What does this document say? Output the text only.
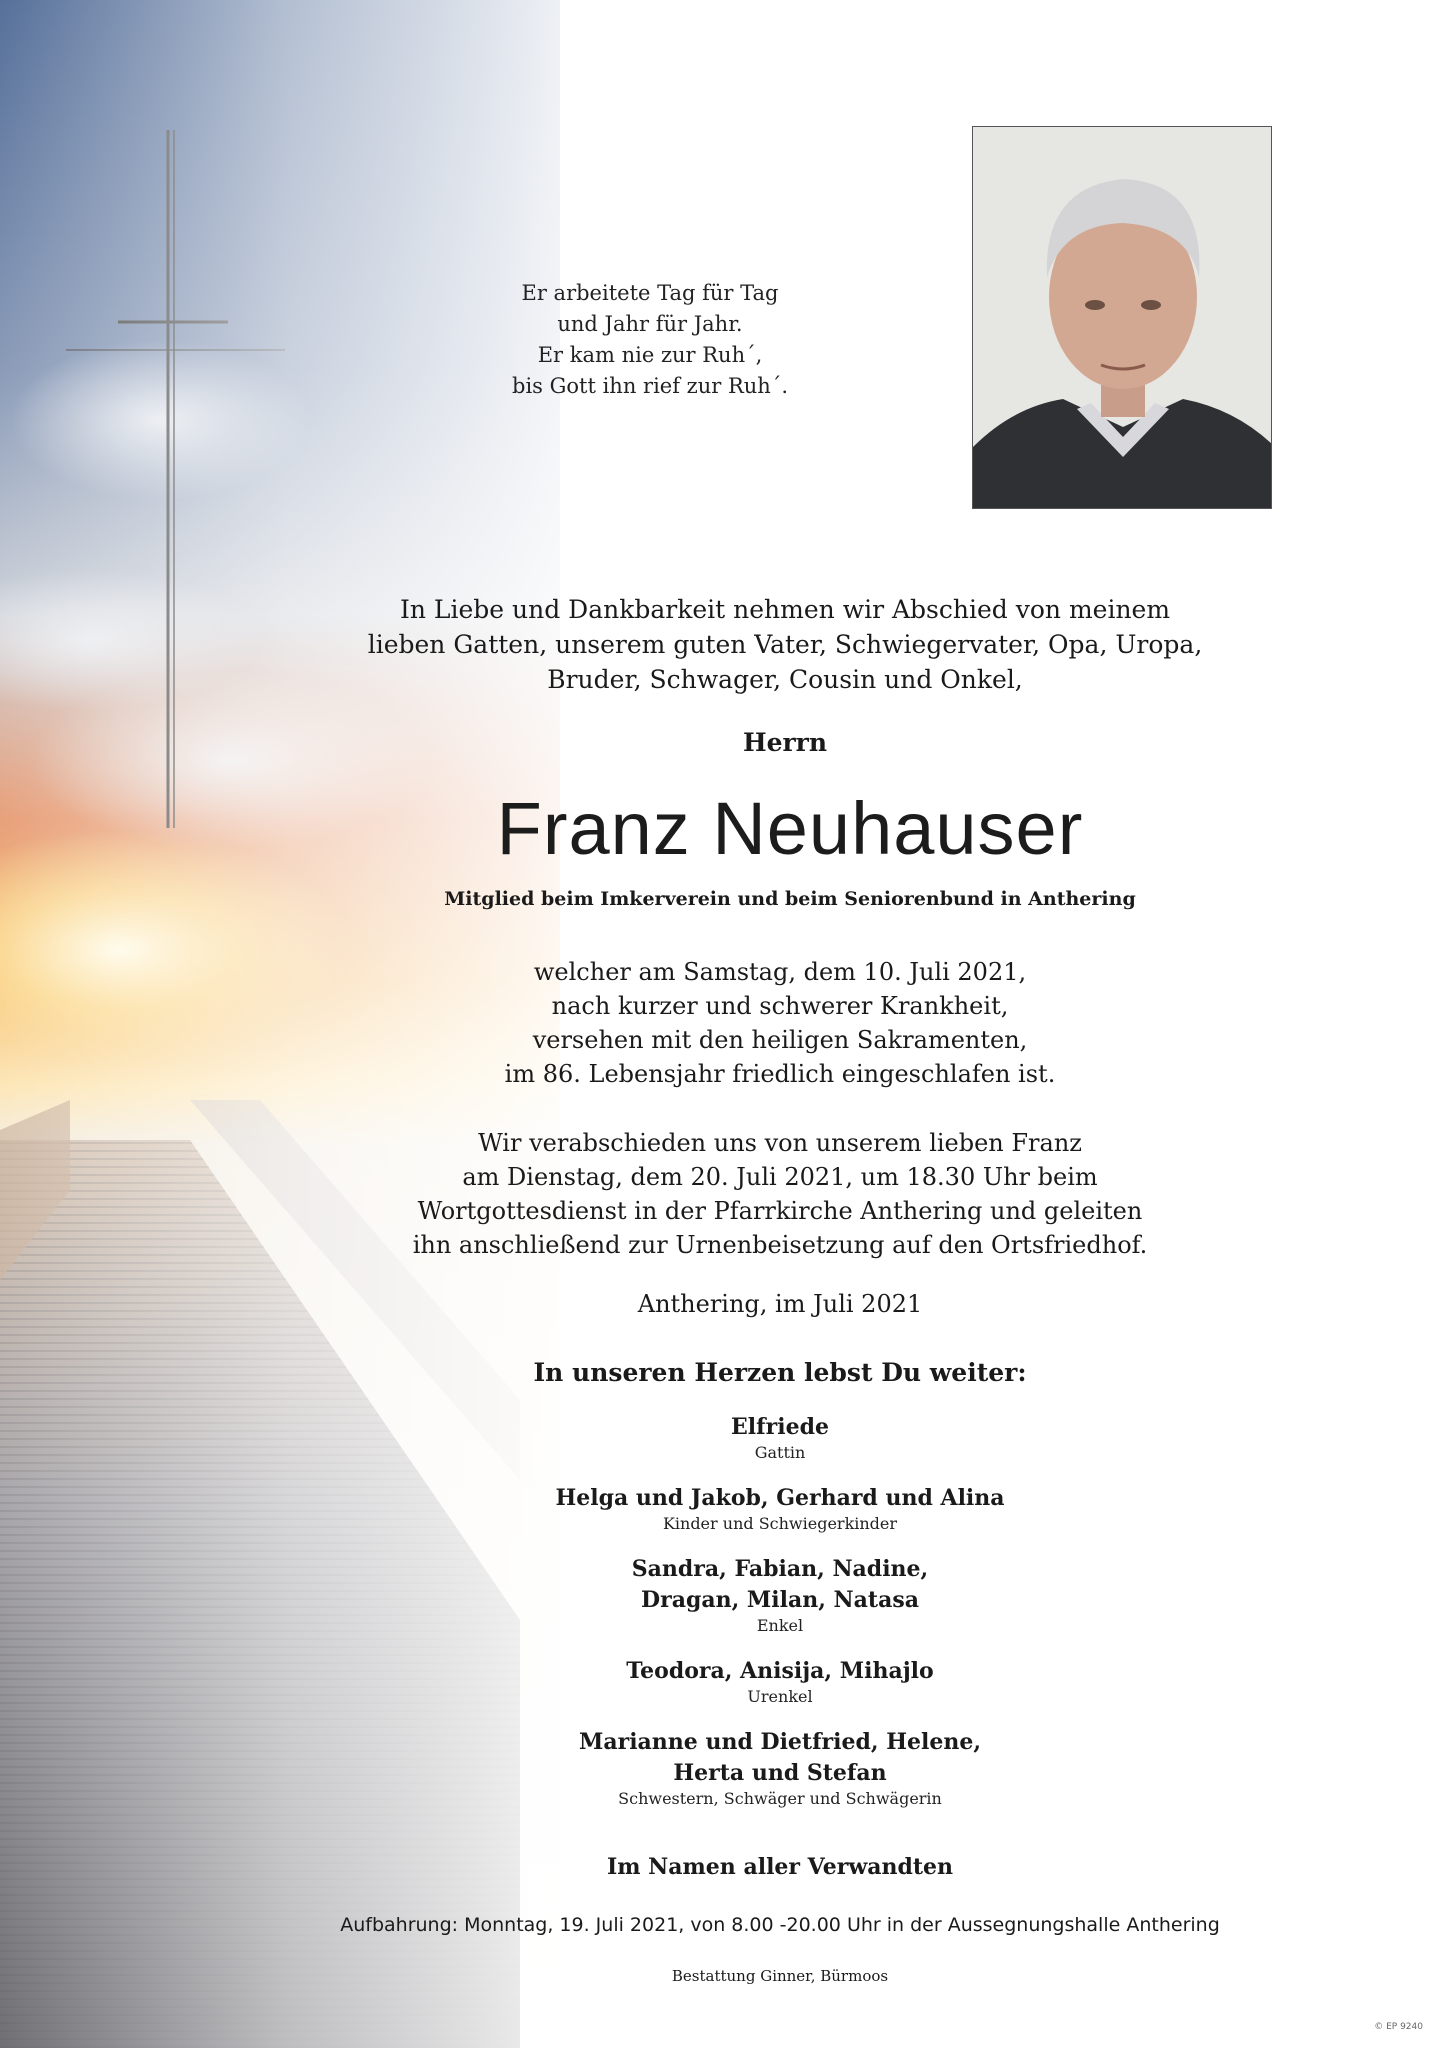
Er arbeitete Tag für Tag
und Jahr für Jahr.
Er kam nie zur Ruh´,
bis Gott ihn rief zur Ruh´.
In Liebe und Dankbarkeit nehmen wir Abschied von meinem
lieben Gatten, unserem guten Vater, Schwiegervater, Opa, Uropa,
Bruder, Schwager, Cousin und Onkel,
Herrn
Franz Neuhauser
Mitglied beim Imkerverein und beim Seniorenbund in Anthering
welcher am Samstag, dem 10. Juli 2021,
nach kurzer und schwerer Krankheit,
versehen mit den heiligen Sakramenten,
im 86. Lebensjahr friedlich eingeschlafen ist.
Wir verabschieden uns von unserem lieben Franz
am Dienstag, dem 20. Juli 2021, um 18.30 Uhr beim
Wortgottesdienst in der Pfarrkirche Anthering und geleiten
ihn anschließend zur Urnenbeisetzung auf den Ortsfriedhof.
Anthering, im Juli 2021
In unseren Herzen lebst Du weiter:
Elfriede
Gattin
Helga und Jakob, Gerhard und Alina
Kinder und Schwiegerkinder
Sandra, Fabian, Nadine,
Dragan, Milan, Natasa
Enkel
Teodora, Anisija, Mihajlo
Urenkel
Marianne und Dietfried, Helene,
Herta und Stefan
Schwestern, Schwäger und Schwägerin
Im Namen aller Verwandten
Aufbahrung: Monntag, 19. Juli 2021, von 8.00 -20.00 Uhr in der Aussegnungshalle Anthering
Bestattung Ginner, Bürmoos
© EP 9240
